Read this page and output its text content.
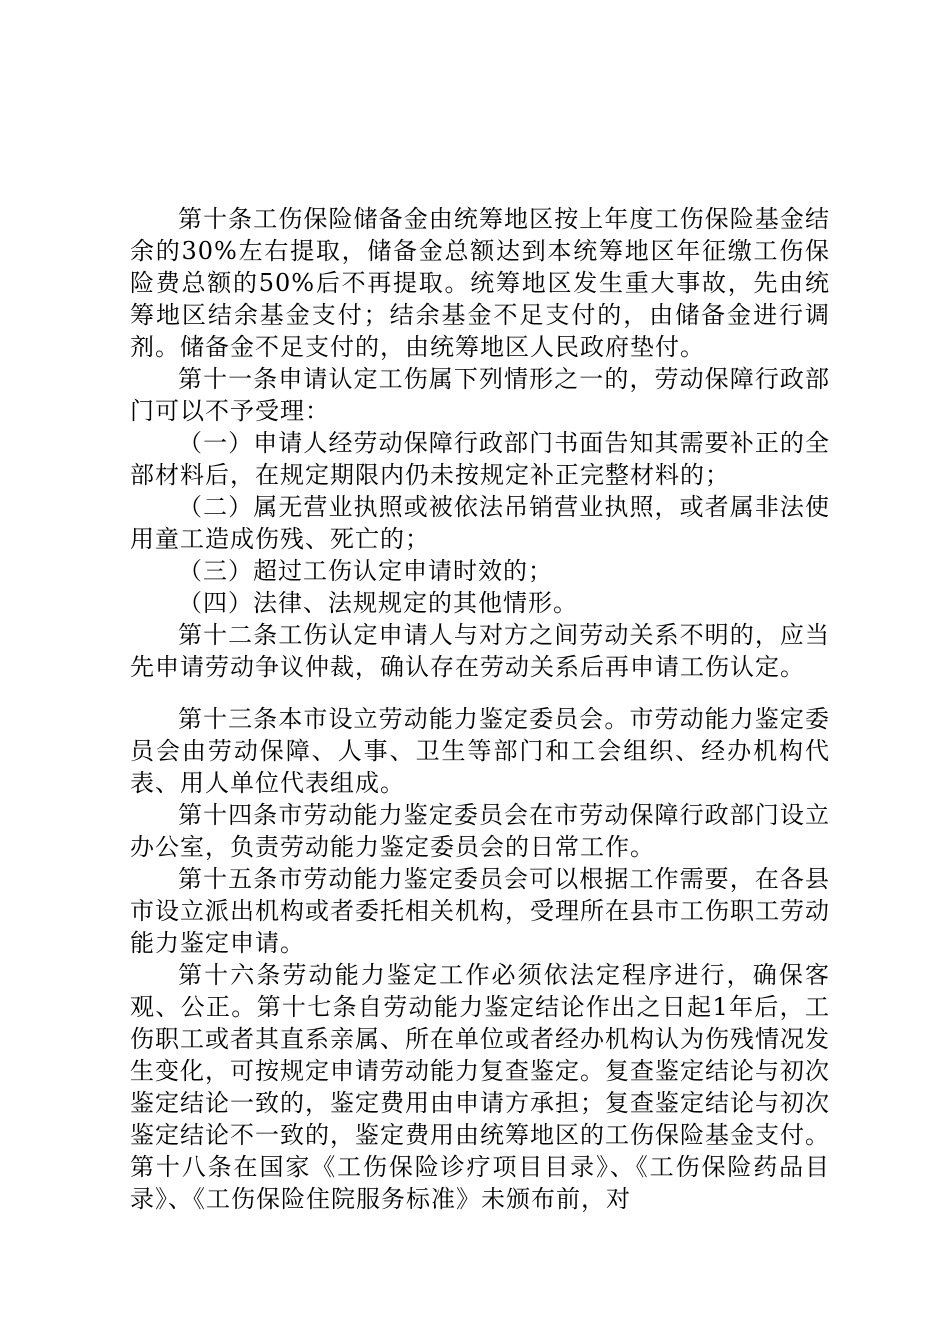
第十条工伤保险储备金由统筹地区按上年度工伤保险基金结余的30%左右提取，储备金总额达到本统筹地区年征缴工伤保险费总额的50%后不再提取。统筹地区发生重大事故，先由统筹地区结余基金支付；结余基金不足支付的，由储备金进行调剂。储备金不足支付的，由统筹地区人民政府垫付。

第十一条申请认定工伤属下列情形之一的，劳动保障行政部门可以不予受理：

（一）申请人经劳动保障行政部门书面告知其需要补正的全部材料后，在规定期限内仍未按规定补正完整材料的；

（二）属无营业执照或被依法吊销营业执照，或者属非法使用童工造成伤残、死亡的；

（三）超过工伤认定申请时效的；

（四）法律、法规规定的其他情形。

第十二条工伤认定申请人与对方之间劳动关系不明的，应当先申请劳动争议仲裁，确认存在劳动关系后再申请工伤认定。

第十三条本市设立劳动能力鉴定委员会。市劳动能力鉴定委员会由劳动保障、人事、卫生等部门和工会组织、经办机构代表、用人单位代表组成。

第十四条市劳动能力鉴定委员会在市劳动保障行政部门设立办公室，负责劳动能力鉴定委员会的日常工作。

第十五条市劳动能力鉴定委员会可以根据工作需要，在各县市设立派出机构或者委托相关机构，受理所在县市工伤职工劳动能力鉴定申请。

第十六条劳动能力鉴定工作必须依法定程序进行，确保客观、公正。第十七条自劳动能力鉴定结论作出之日起1年后，工伤职工或者其直系亲属、所在单位或者经办机构认为伤残情况发生变化，可按规定申请劳动能力复查鉴定。复查鉴定结论与初次鉴定结论一致的，鉴定费用由申请方承担；复查鉴定结论与初次鉴定结论不一致的，鉴定费用由统筹地区的工伤保险基金支付。第十八条在国家《工伤保险诊疗项目目录》、《工伤保险药品目录》、《工伤保险住院服务标准》未颁布前，对
